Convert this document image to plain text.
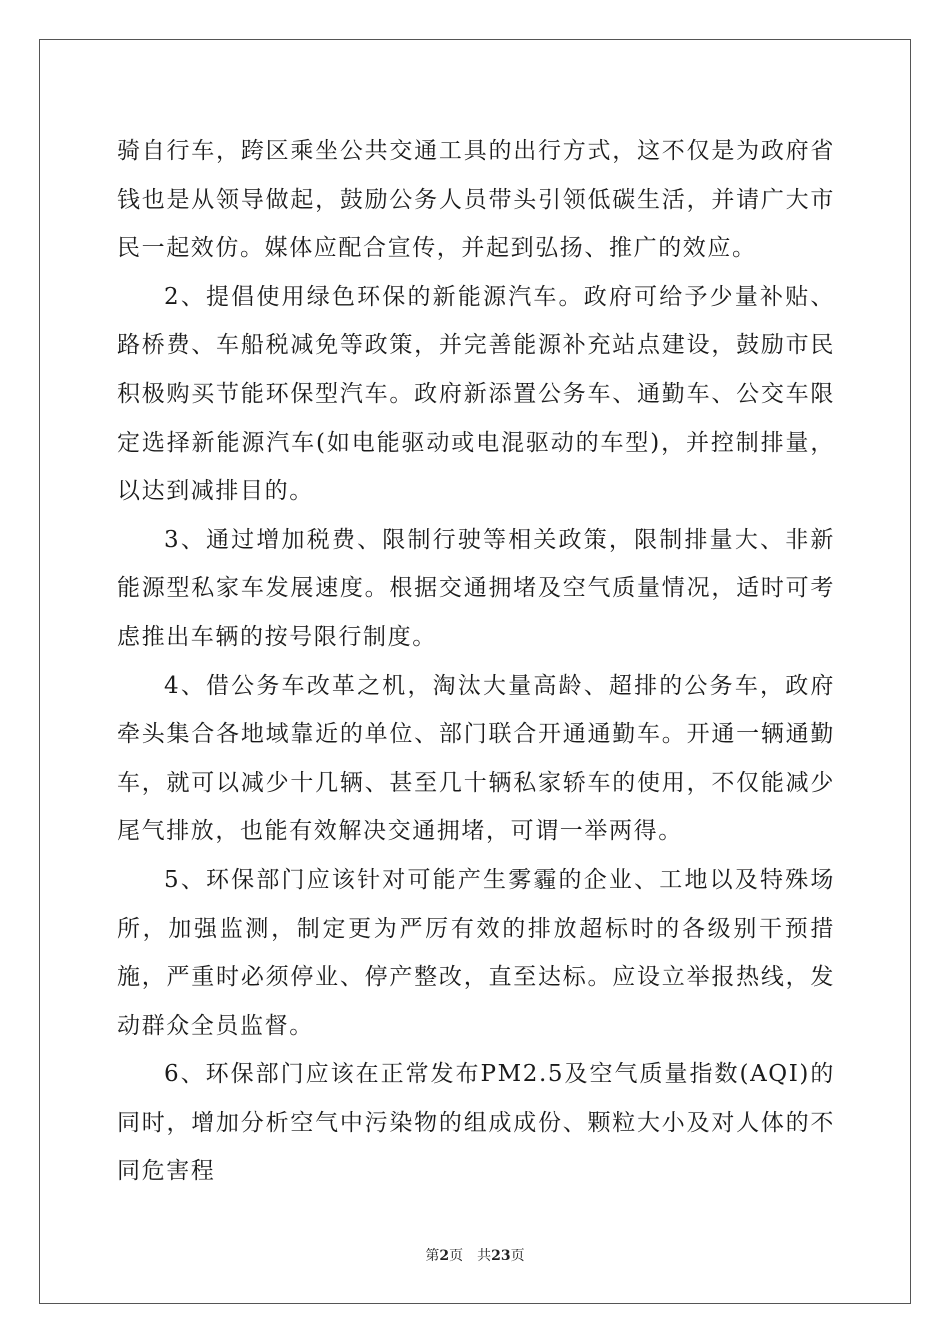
骑自行车，跨区乘坐公共交通工具的出行方式，这不仅是为政府省钱也是从领导做起，鼓励公务人员带头引领低碳生活，并请广大市民一起效仿。媒体应配合宣传，并起到弘扬、推广的效应。

2、提倡使用绿色环保的新能源汽车。政府可给予少量补贴、路桥费、车船税减免等政策，并完善能源补充站点建设，鼓励市民积极购买节能环保型汽车。政府新添置公务车、通勤车、公交车限定选择新能源汽车(如电能驱动或电混驱动的车型)，并控制排量，以达到减排目的。

3、通过增加税费、限制行驶等相关政策，限制排量大、非新能源型私家车发展速度。根据交通拥堵及空气质量情况，适时可考虑推出车辆的按号限行制度。

4、借公务车改革之机，淘汰大量高龄、超排的公务车，政府牵头集合各地域靠近的单位、部门联合开通通勤车。开通一辆通勤车，就可以减少十几辆、甚至几十辆私家轿车的使用，不仅能减少尾气排放，也能有效解决交通拥堵，可谓一举两得。

5、环保部门应该针对可能产生雾霾的企业、工地以及特殊场所，加强监测，制定更为严厉有效的排放超标时的各级别干预措施，严重时必须停业、停产整改，直至达标。应设立举报热线，发动群众全员监督。

6、环保部门应该在正常发布PM2.5及空气质量指数(AQI)的同时，增加分析空气中污染物的组成成份、颗粒大小及对人体的不同危害程

第2页 共23页
